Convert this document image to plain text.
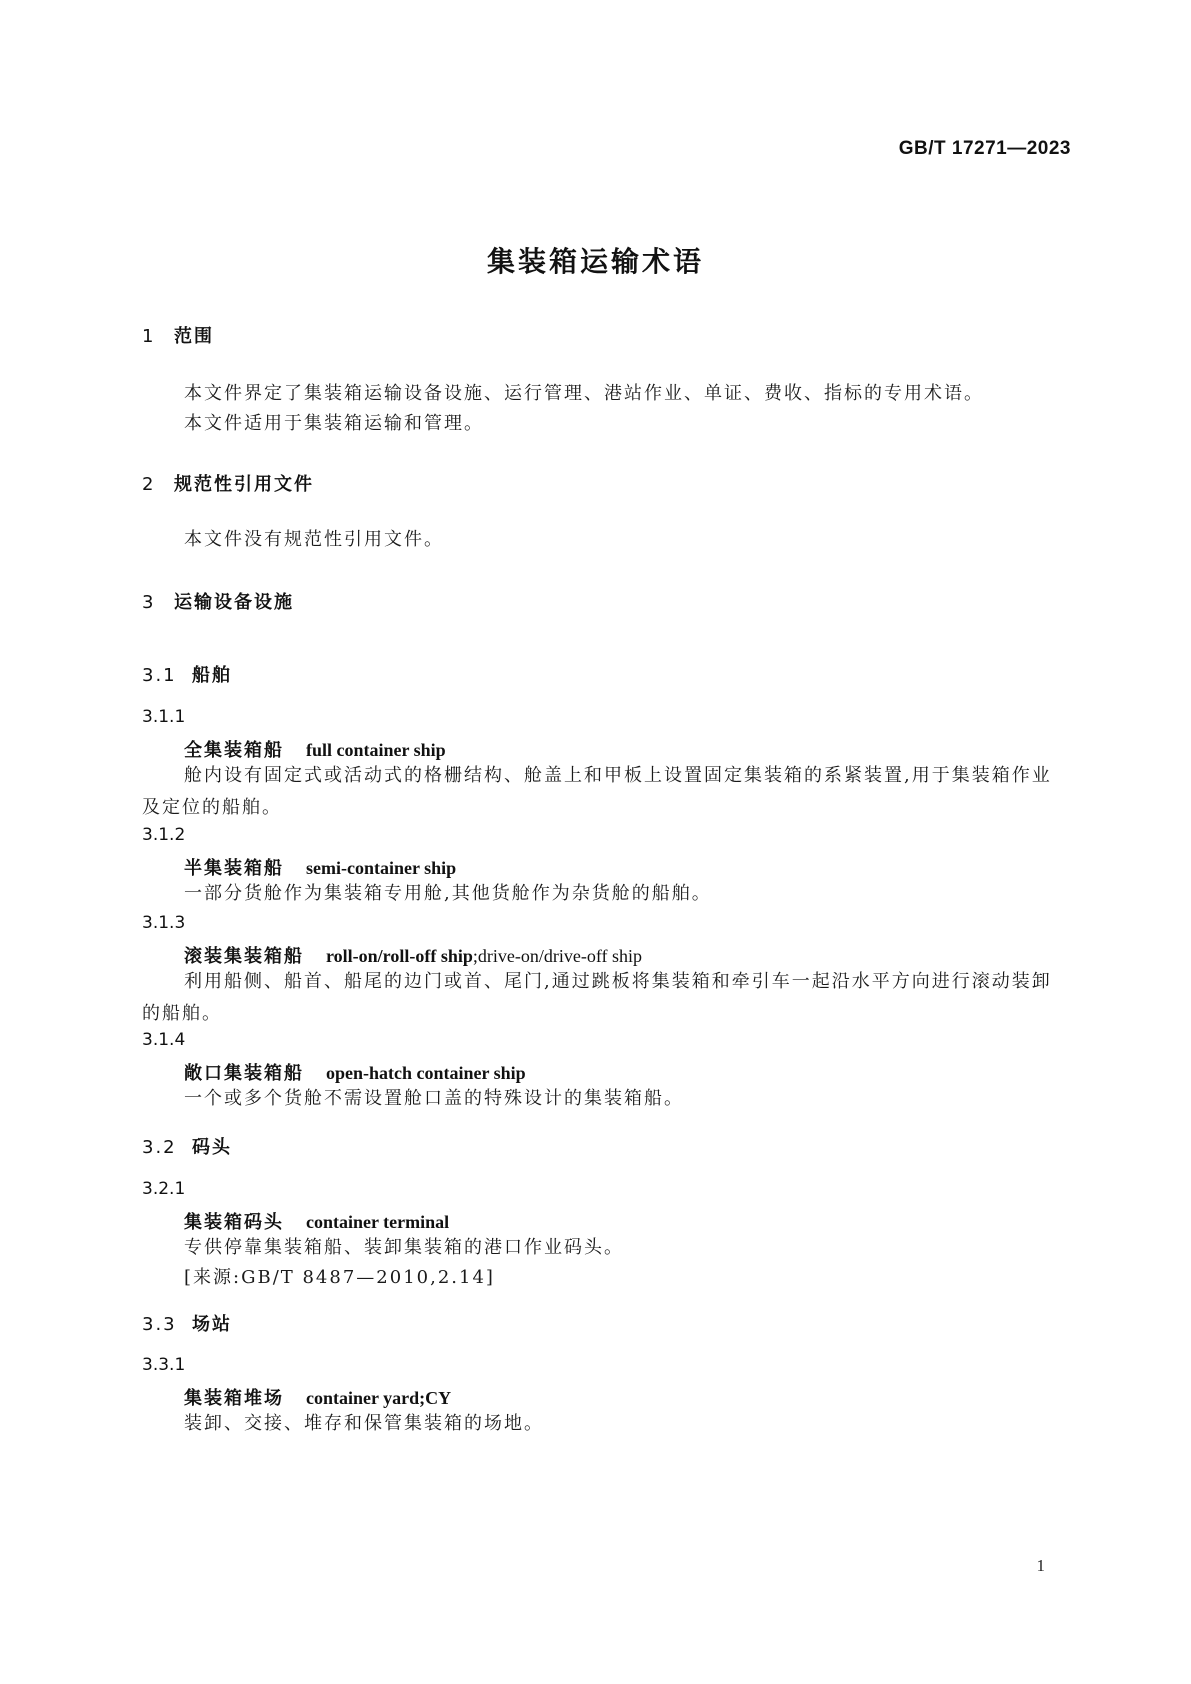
GB/T 17271—2023

集装箱运输术语
1 范围

本文件界定了集装箱运输设备设施、运行管理、港站作业、单证、费收、指标的专用术语。

本文件适用于集装箱运输和管理。

2 规范性引用文件

本文件没有规范性引用文件。

3 运输设备设施
3.1 船舶

3.1.1

全集装箱船 full container ship

舱内设有固定式或活动式的格栅结构、舱盖上和甲板上设置固定集装箱的系紧装置,用于集装箱作业及定位的船舶。

3.1.2

半集装箱船 semi-container ship

一部分货舱作为集装箱专用舱,其他货舱作为杂货舱的船舶。

3.1.3

滚装集装箱船 roll-on/roll-off ship;drive-on/drive-off ship

利用船侧、船首、船尾的边门或首、尾门,通过跳板将集装箱和牵引车一起沿水平方向进行滚动装卸的船舶。

3.1.4

敞口集装箱船 open-hatch container ship

一个或多个货舱不需设置舱口盖的特殊设计的集装箱船。

3.2 码头

3.2.1

集装箱码头 container terminal

专供停靠集装箱船、装卸集装箱的港口作业码头。

[来源:GB/T 8487—2010,2.14]

3.3 场站

3.3.1

集装箱堆场 container yard;CY

装卸、交接、堆存和保管集装箱的场地。

1
